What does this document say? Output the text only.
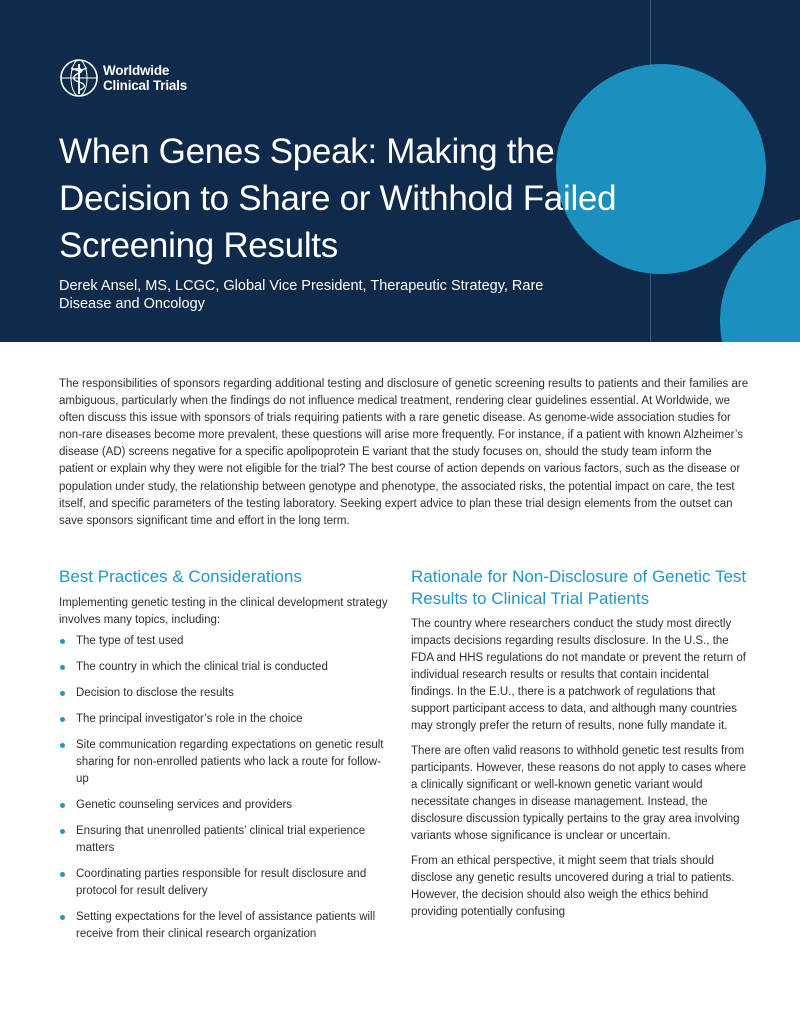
Worldwide
Clinical Trials
When Genes Speak: Making the Decision to Share or Withhold Failed Screening Results
Derek Ansel, MS, LCGC, Global Vice President, Therapeutic Strategy, Rare Disease and Oncology

The responsibilities of sponsors regarding additional testing and disclosure of genetic screening results to patients and their families are ambiguous, particularly when the findings do not influence medical treatment, rendering clear guidelines essential. At Worldwide, we often discuss this issue with sponsors of trials requiring patients with a rare genetic disease. As genome-wide association studies for non-rare diseases become more prevalent, these questions will arise more frequently. For instance, if a patient with known Alzheimer’s disease (AD) screens negative for a specific apolipoprotein E variant that the study focuses on, should the study team inform the patient or explain why they were not eligible for the trial? The best course of action depends on various factors, such as the disease or population under study, the relationship between genotype and phenotype, the associated risks, the potential impact on care, the test itself, and specific parameters of the testing laboratory. Seeking expert advice to plan these trial design elements from the outset can save sponsors significant time and effort in the long term.

Best Practices & Considerations

Implementing genetic testing in the clinical development strategy involves many topics, including:

The type of test used
The country in which the clinical trial is conducted
Decision to disclose the results
The principal investigator’s role in the choice
Site communication regarding expectations on genetic result sharing for non-enrolled patients who lack a route for follow-up
Genetic counseling services and providers
Ensuring that unenrolled patients’ clinical trial experience matters
Coordinating parties responsible for result disclosure and protocol for result delivery
Setting expectations for the level of assistance patients will receive from their clinical research organization
Rationale for Non-Disclosure of Genetic Test Results to Clinical Trial Patients

The country where researchers conduct the study most directly impacts decisions regarding results disclosure. In the U.S., the FDA and HHS regulations do not mandate or prevent the return of individual research results or results that contain incidental findings. In the E.U., there is a patchwork of regulations that support participant access to data, and although many countries may strongly prefer the return of results, none fully mandate it.

There are often valid reasons to withhold genetic test results from participants. However, these reasons do not apply to cases where a clinically significant or well-known genetic variant would necessitate changes in disease management. Instead, the disclosure discussion typically pertains to the gray area involving variants whose significance is unclear or uncertain.

From an ethical perspective, it might seem that trials should disclose any genetic results uncovered during a trial to patients. However, the decision should also weigh the ethics behind providing potentially confusing
